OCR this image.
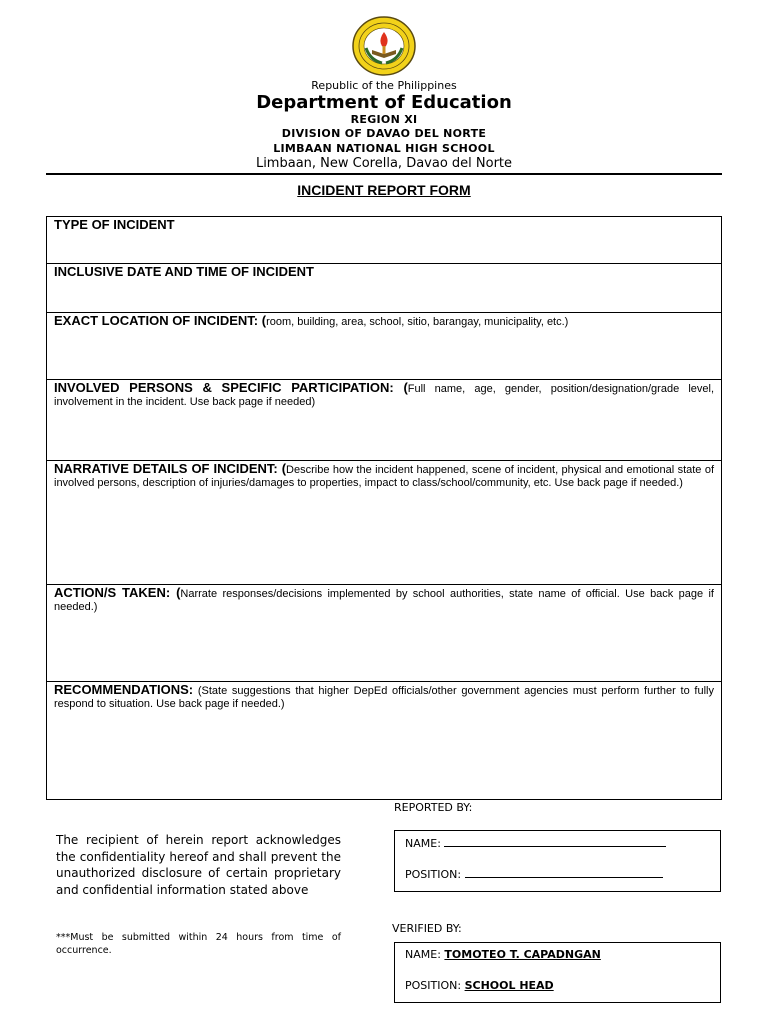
Republic of the Philippines
Department of Education
REGION XI
DIVISION OF DAVAO DEL NORTE
LIMBAAN NATIONAL HIGH SCHOOL
Limbaan, New Corella, Davao del Norte
INCIDENT REPORT FORM
TYPE OF INCIDENT
INCLUSIVE DATE AND TIME OF INCIDENT
EXACT LOCATION OF INCIDENT: (room, building, area, school, sitio, barangay, municipality, etc.)
INVOLVED PERSONS & SPECIFIC PARTICIPATION: (Full name, age, gender, position/designation/grade level, involvement in the incident. Use back page if needed)
NARRATIVE DETAILS OF INCIDENT: (Describe how the incident happened, scene of incident, physical and emotional state of involved persons, description of injuries/damages to properties, impact to class/school/community, etc. Use back page if needed.)
ACTION/S TAKEN: (Narrate responses/decisions implemented by school authorities, state name of official. Use back page if needed.)
RECOMMENDATIONS: (State suggestions that higher DepEd officials/other government agencies must perform further to fully respond to situation. Use back page if needed.)
REPORTED BY:
NAME:
POSITION:
The recipient of herein report acknowledges the confidentiality hereof and shall prevent the unauthorized disclosure of certain proprietary and confidential information stated above
***Must be submitted within 24 hours from time of occurrence.
VERIFIED BY:
NAME: TOMOTEO T. CAPADNGAN
POSITION: SCHOOL HEAD
